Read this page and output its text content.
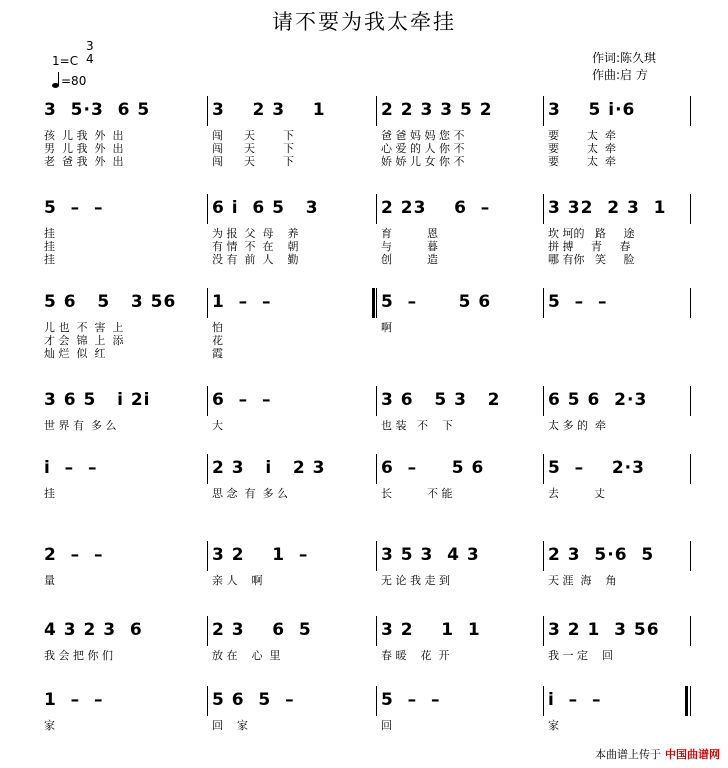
请不要为我太牵挂
1=C
3
4
=80
作词:陈久琪
作曲:启 方
3  5·3  6 5	3    2 3    1	2 2 3 3 5 2	3    5 i·6
孩  儿 我  外  出	闯      天        下	爸 爸 妈 妈 您 不	要        太  牵
男  儿 我  外  出	闯      天        下	心 爱 的 人 你 不	要        太  牵
老  爸 我  外  出	闯      天        下	娇 娇 儿 女 你 不	要        太  牵
5  –  –	6 i  6 5   3	2 23    6  –	3 32  2 3  1
挂	为 报  父  母    养	育          恩	坎 坷的   路     途
挂	有 情  不  在    朝	与          暮	拼 搏     青     春
挂	没 有  前  人    勤	创          造	哪 有你   笑     脸
5 6   5   3 56 1  –  –	5  –      5 6	5  –  –
儿 也  不  害  上	怕	啊
才 会  锦  上  添	花
灿 烂  似  红	霞
3 6 5   i 2i	6  –  –	3 6   5 3   2	6 5 6  2·3
世 界 有  多 么	大	也 装   不    下	太 多 的  牵
i  –  –	2 3   i   2 3	6  –     5 6	5  –    2·3
挂	思 念  有  多 么	长          不 能	去          丈
2  –  –	3 2    1  –	3 5 3  4 3	2 3  5·6  5
量	亲 人    啊	无 论 我 走 到	天 涯  海    角
4 3 2 3  6	2 3    6  5	3 2    1  1	3 2 1  3 56
我 会 把 你 们	放 在    心  里	春 暖    花  开	我 一 定    回
1  –  –	5 6  5  –	5  –  –	i  –  –
家	回    家	回	家
本曲谱上传于 中国曲谱网
